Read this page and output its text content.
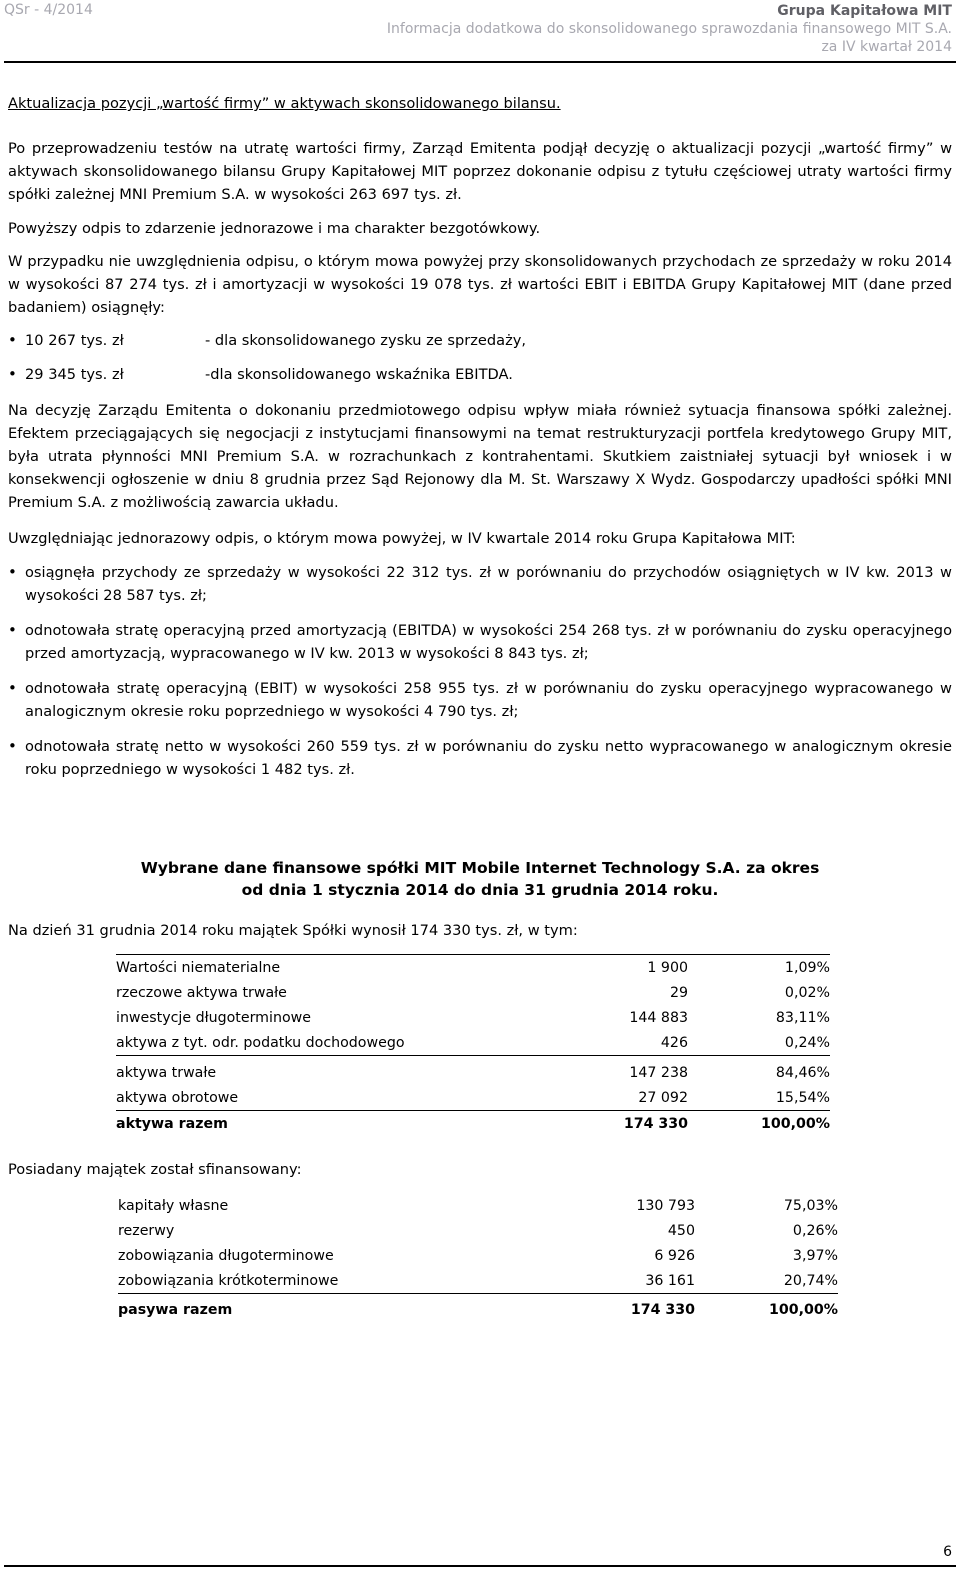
QSr - 4/2014	Grupa Kapitałowa MIT
Informacja dodatkowa do skonsolidowanego sprawozdania finansowego MIT S.A.
za IV kwartał 2014

Aktualizacja pozycji „wartość firmy” w aktywach skonsolidowanego bilansu.

Po przeprowadzeniu testów na utratę wartości firmy, Zarząd Emitenta podjął decyzję o aktualizacji pozycji „wartość firmy” w aktywach skonsolidowanego bilansu Grupy Kapitałowej MIT poprzez dokonanie odpisu z tytułu częściowej utraty wartości firmy spółki zależnej MNI Premium S.A. w wysokości 263 697 tys. zł.

Powyższy odpis to zdarzenie jednorazowe i ma charakter bezgotówkowy.

W przypadku nie uwzględnienia odpisu, o którym mowa powyżej przy skonsolidowanych przychodach ze sprzedaży w roku 2014 w wysokości 87 274 tys. zł i amortyzacji w wysokości 19 078 tys. zł wartości EBIT i EBITDA Grupy Kapitałowej MIT (dane przed badaniem) osiągnęły:

• 10 267 tys. zł	- dla skonsolidowanego zysku ze sprzedaży,
• 29 345 tys. zł	-dla skonsolidowanego wskaźnika EBITDA.

Na decyzję Zarządu Emitenta o dokonaniu przedmiotowego odpisu wpływ miała również sytuacja finansowa spółki zależnej. Efektem przeciągających się negocjacji z instytucjami finansowymi na temat restrukturyzacji portfela kredytowego Grupy MIT, była utrata płynności MNI Premium S.A. w rozrachunkach z kontrahentami. Skutkiem zaistniałej sytuacji był wniosek i w konsekwencji ogłoszenie w dniu 8 grudnia przez Sąd Rejonowy dla M. St. Warszawy X Wydz. Gospodarczy upadłości spółki MNI Premium S.A. z możliwością zawarcia układu.

Uwzględniając jednorazowy odpis, o którym mowa powyżej, w IV kwartale 2014 roku Grupa Kapitałowa MIT:

• osiągnęła przychody ze sprzedaży w wysokości 22 312 tys. zł w porównaniu do przychodów osiągniętych w IV kw. 2013 w wysokości 28 587 tys. zł;
• odnotowała stratę operacyjną przed amortyzacją (EBITDA) w wysokości 254 268 tys. zł w porównaniu do zysku operacyjnego przed amortyzacją, wypracowanego w IV kw. 2013 w wysokości 8 843 tys. zł;
• odnotowała stratę operacyjną (EBIT) w wysokości 258 955 tys. zł w porównaniu do zysku operacyjnego wypracowanego w analogicznym okresie roku poprzedniego w wysokości 4 790 tys. zł;
• odnotowała stratę netto w wysokości 260 559 tys. zł w porównaniu do zysku netto wypracowanego w analogicznym okresie roku poprzedniego w wysokości 1 482 tys. zł.

Wybrane dane finansowe spółki MIT Mobile Internet Technology S.A. za okres

od dnia 1 stycznia 2014 do dnia 31 grudnia 2014 roku.

Na dzień 31 grudnia 2014 roku majątek Spółki wynosił 174 330 tys. zł, w tym:

Wartości niematerialne	1 900	1,09%
rzeczowe aktywa trwałe	29	0,02%
inwestycje długoterminowe	144 883	83,11%
aktywa z tyt. odr. podatku dochodowego	426	0,24%
aktywa trwałe	147 238	84,46%
aktywa obrotowe	27 092	15,54%
aktywa razem	174 330	100,00%

Posiadany majątek został sfinansowany:

kapitały własne	130 793	75,03%
rezerwy	450	0,26%
zobowiązania długoterminowe	6 926	3,97%
zobowiązania krótkoterminowe	36 161	20,74%
pasywa razem	174 330	100,00%
6
